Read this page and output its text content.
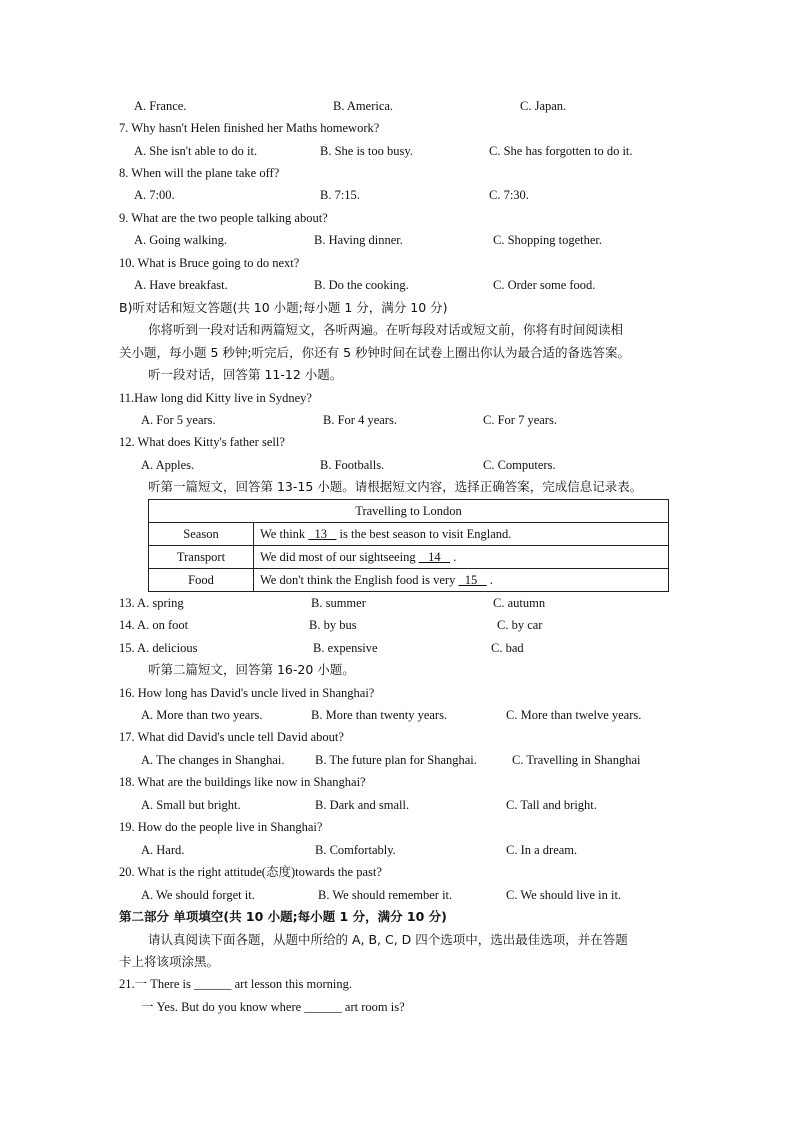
A. France.	B. America.	C. Japan.
7. Why hasn't Helen finished her Maths homework?
A. She isn't able to do it.	B. She is too busy.	C. She has forgotten to do it.
8. When will the plane take off?
A. 7:00.	B. 7:15.	C. 7:30.
9. What are the two people talking about?
A. Going walking.	B. Having dinner.	C. Shopping together.
10. What is Bruce going to do next?
A. Have breakfast.	B. Do the cooking.	C. Order some food.
B)听对话和短文答题(共 10 小题;每小题 1 分，满分 10 分)
你将听到一段对话和两篇短文，各听两遍。在听每段对话或短文前，你将有时间阅读相
关小题，每小题 5 秒钟;听完后，你还有 5 秒钟时间在试卷上圈出你认为最合适的备选答案。
听一段对话，回答第 11-12 小题。
11.Haw long did Kitty live in Sydney?
A. For 5 years.	B. For 4 years.	C. For 7 years.
12. What does Kitty's father sell?
A. Apples.	B. Footballs.	C. Computers.
听第一篇短文，回答第 13-15 小题。请根据短文内容，选择正确答案，完成信息记录表。
Travelling to London	
Season	We think   13    is the best season to visit England.
Transport	We did most of our sightseeing    14    .
Food	We don't think the English food is very   15    .
13. A. spring	B. summer	C. autumn
14. A. on foot	B. by bus	C. by car
15. A. delicious	B. expensive	C. bad
听第二篇短文，回答第 16-20 小题。
16. How long has David's uncle lived in Shanghai?
A. More than two years.	B. More than twenty years.	C. More than twelve years.
17. What did David's uncle tell David about?
A. The changes in Shanghai. B. The future plan for Shanghai.	C. Travelling in Shanghai
18. What are the buildings like now in Shanghai?
A. Small but bright.	B. Dark and small.	C. Tall and bright.
19. How do the people live in Shanghai?
A. Hard.	B. Comfortably.	C. In a dream.
20. What is the right attitude(态度)towards the past?
A. We should forget it.	B. We should remember it.	C. We should live in it.
第二部分 单项填空(共 10 小题;每小题 1 分，满分 10 分)
请认真阅读下面各题，从题中所给的 A, B, C, D 四个选项中，选出最佳选项，并在答题
卡上将该项涂黑。
21.一 There is ______ art lesson this morning.
一 Yes. But do you know where ______ art room is?
